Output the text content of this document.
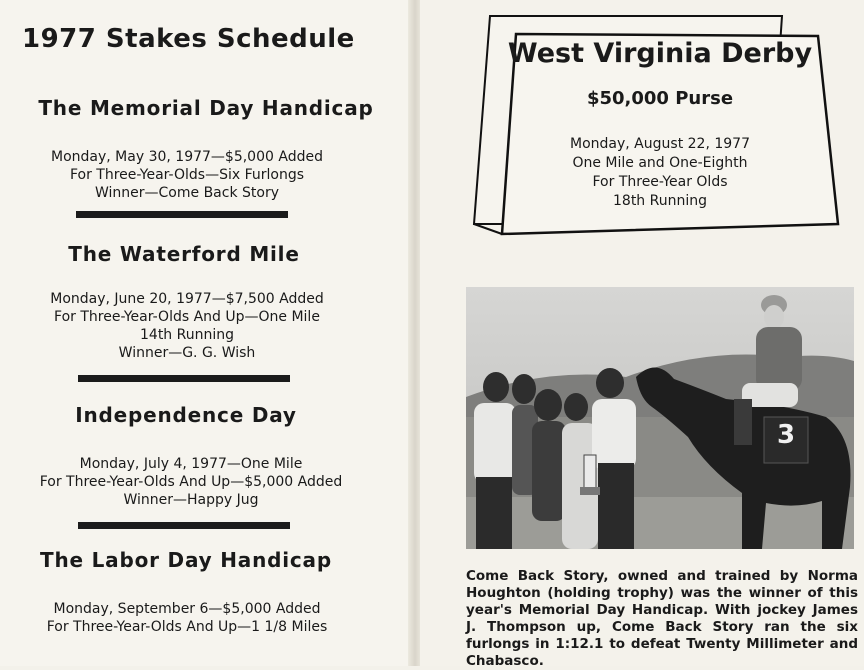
1977 Stakes Schedule
The Memorial Day Handicap
Monday, May 30, 1977—$5,000 Added
For Three-Year-Olds—Six Furlongs
Winner—Come Back Story
The Waterford Mile
Monday, June 20, 1977—$7,500 Added
For Three-Year-Olds And Up—One Mile
14th Running
Winner—G. G. Wish
Independence Day
Monday, July 4, 1977—One Mile
For Three-Year-Olds And Up—$5,000 Added
Winner—Happy Jug
The Labor Day Handicap
Monday, September 6—$5,000 Added
For Three-Year-Olds And Up—1 1/8 Miles
West Virginia Derby
$50,000 Purse
Monday, August 22, 1977
One Mile and One-Eighth
For Three-Year Olds
18th Running
3
Come Back Story, owned and trained by Norma Houghton (holding trophy) was the winner of this year's Memorial Day Handicap. With jockey James J. Thompson up, Come Back Story ran the six furlongs in 1:12.1 to defeat Twenty Millimeter and Chabasco.
